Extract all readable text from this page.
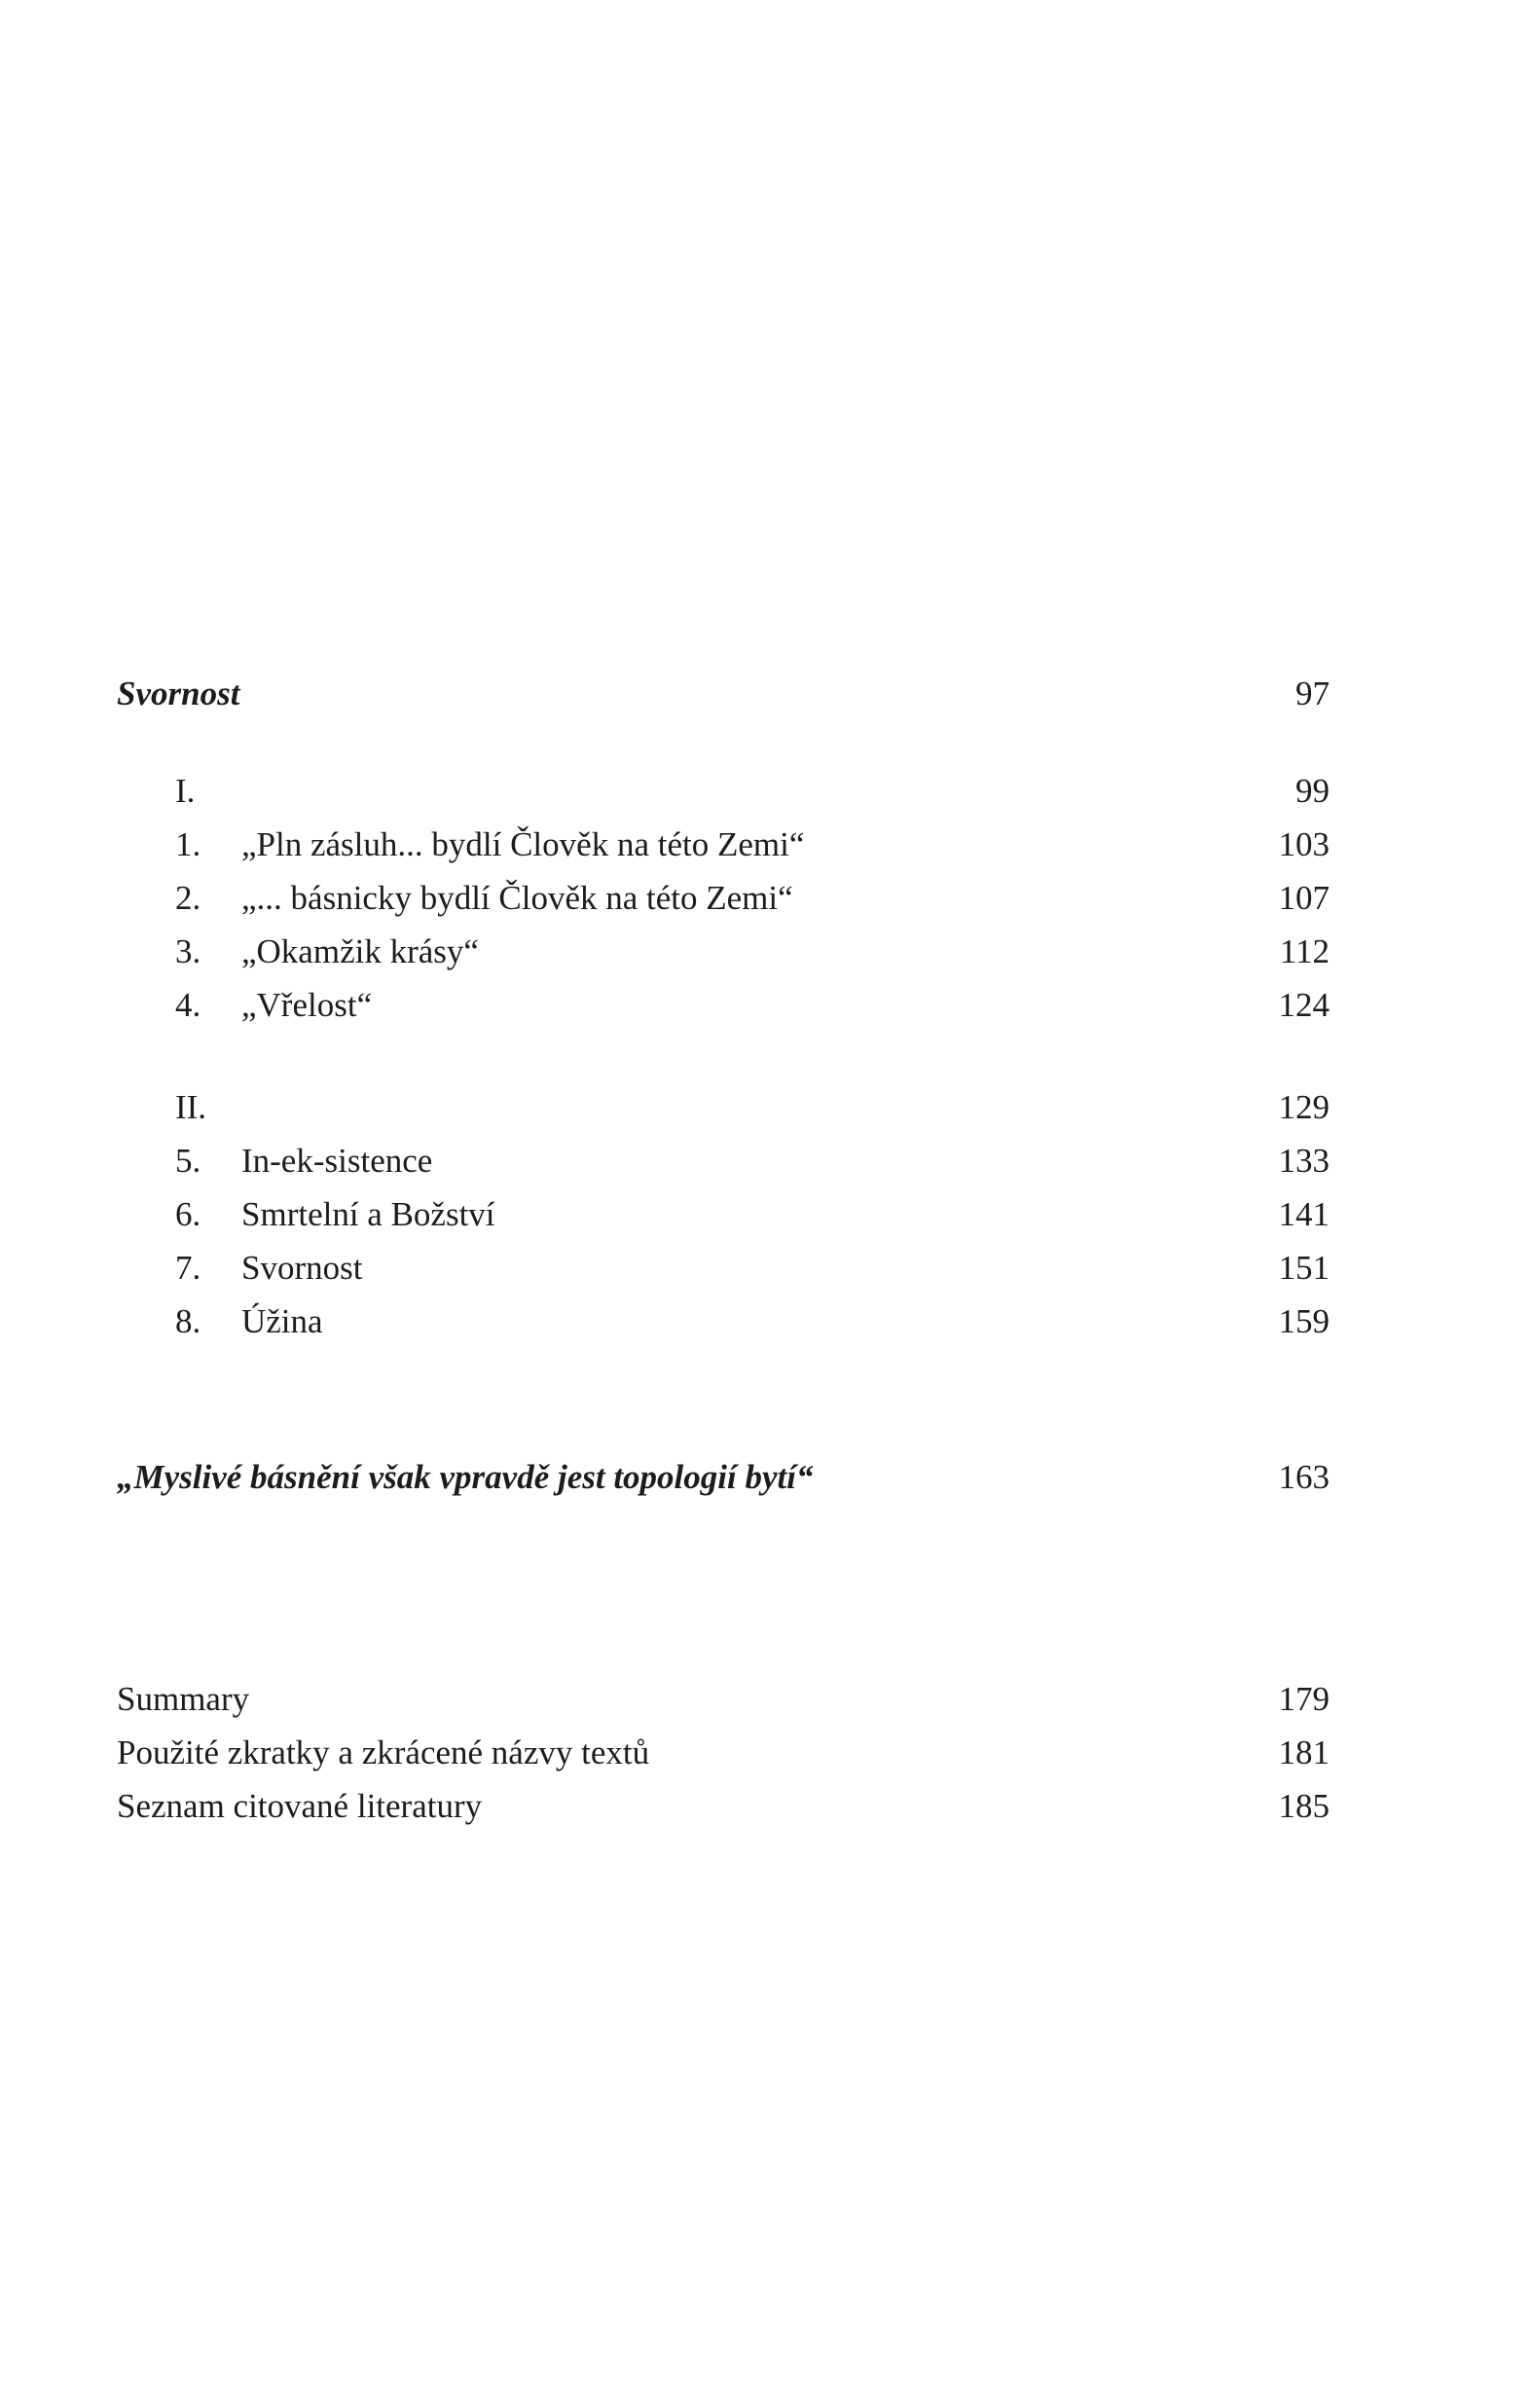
Svornost	97
I.	99
1. „Pln zásluh... bydlí Člověk na této Zemi“	103
2. „... básnicky bydlí Člověk na této Zemi“	107
3. „Okamžik krásy“	112
4. „Vřelost“	124
II.	129
5. In-ek-sistence	133
6. Smrtelní a Božství	141
7. Svornost	151
8. Úžina	159
„Myslivé básnění však vpravdě jest topologií bytí“	163
Summary	179
Použité zkratky a zkrácené názvy textů	181
Seznam citované literatury	185
